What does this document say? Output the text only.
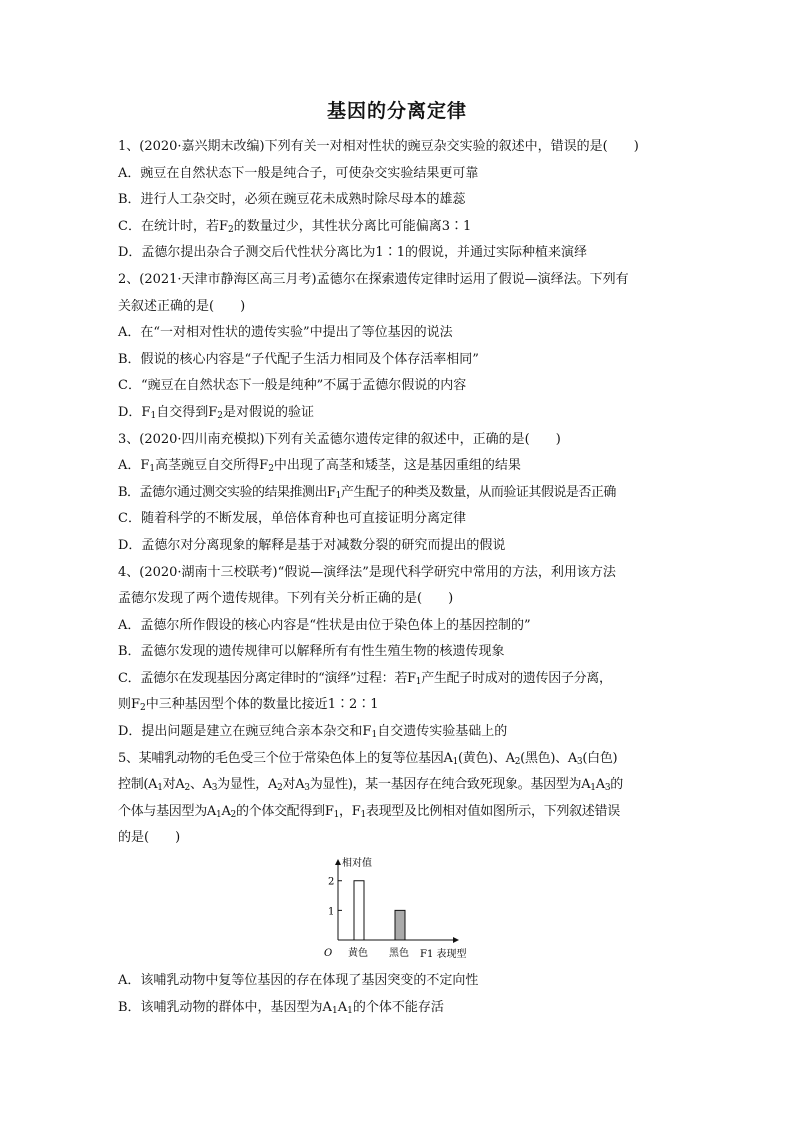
基因的分离定律
1、(2020·嘉兴期末改编)下列有关一对相对性状的豌豆杂交实验的叙述中，错误的是(　　)
A．豌豆在自然状态下一般是纯合子，可使杂交实验结果更可靠
B．进行人工杂交时，必须在豌豆花未成熟时除尽母本的雄蕊
C．在统计时，若$F_2$的数量过少，其性状分离比可能偏离3∶1
D．孟德尔提出杂合子测交后代性状分离比为1∶1的假说，并通过实际种植来演绎
2、(2021·天津市静海区高三月考)孟德尔在探索遗传定律时运用了假说—演绎法。下列有
关叙述正确的是(　　)
A．在“一对相对性状的遗传实验”中提出了等位基因的说法
B．假说的核心内容是“子代配子生活力相同及个体存活率相同”
C．“豌豆在自然状态下一般是纯种”不属于孟德尔假说的内容
D．$F_1$自交得到$F_2$是对假说的验证
3、(2020·四川南充模拟)下列有关孟德尔遗传定律的叙述中，正确的是(　　)
A．$F_1$高茎豌豆自交所得$F_2$中出现了高茎和矮茎，这是基因重组的结果
B．孟德尔通过测交实验的结果推测出$F_1$产生配子的种类及数量，从而验证其假说是否正确
C．随着科学的不断发展，单倍体育种也可直接证明分离定律
D．孟德尔对分离现象的解释是基于对减数分裂的研究而提出的假说
4、(2020·湖南十三校联考)“假说—演绎法”是现代科学研究中常用的方法，利用该方法
孟德尔发现了两个遗传规律。下列有关分析正确的是(　　)
A．孟德尔所作假设的核心内容是“性状是由位于染色体上的基因控制的”
B．孟德尔发现的遗传规律可以解释所有有性生殖生物的核遗传现象
C．孟德尔在发现基因分离定律时的“演绎”过程：若$F_1$产生配子时成对的遗传因子分离，
则$F_2$中三种基因型个体的数量比接近1∶2∶1
D．提出问题是建立在豌豆纯合亲本杂交和$F_1$自交遗传实验基础上的
5、某哺乳动物的毛色受三个位于常染色体上的复等位基因$A_1$(黄色)、$A_2$(黑色)、$A_3$(白色)
控制($A_1$对$A_2$、$A_3$为显性，$A_2$对$A_3$为显性)，某一基因存在纯合致死现象。基因型为$A_1A_3$的
个体与基因型为$A_1A_2$的个体交配得到$F_1$，$F_1$表现型及比例相对值如图所示，下列叙述错误
的是(　　)
相对值
O	F1 表现型
1
2
黄色 黑色
A．该哺乳动物中复等位基因的存在体现了基因突变的不定向性
B．该哺乳动物的群体中，基因型为$A_1A_1$的个体不能存活
